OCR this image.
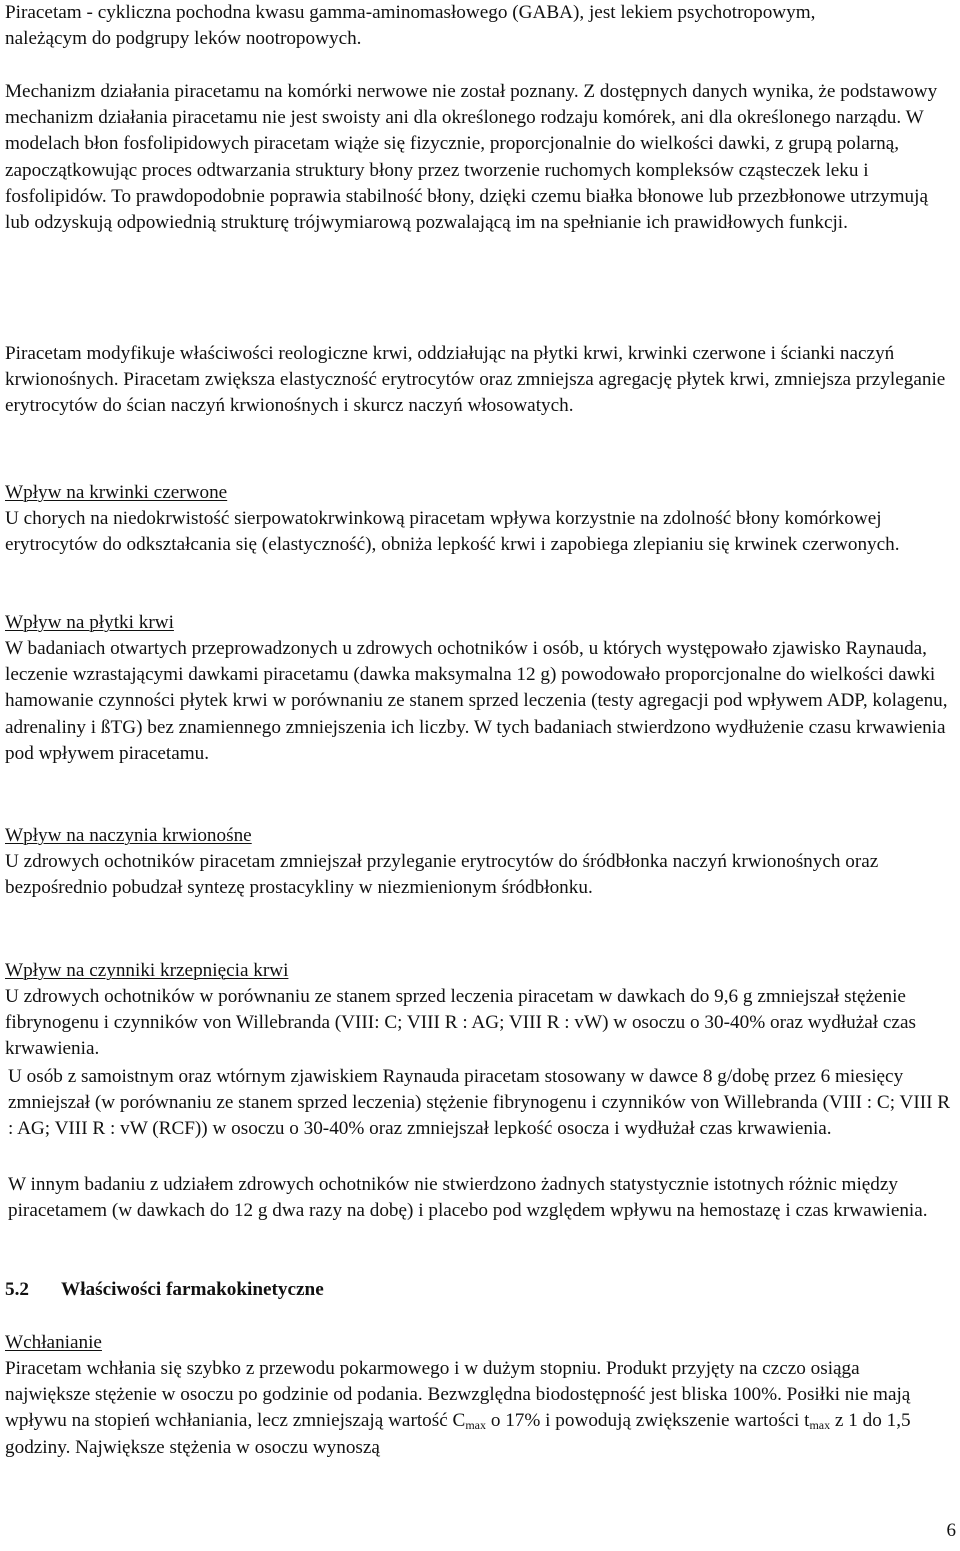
Piracetam - cykliczna pochodna kwasu gamma-aminomasłowego (GABA), jest lekiem psychotropowym, należącym do podgrupy leków nootropowych.

Mechanizm działania piracetamu na komórki nerwowe nie został poznany. Z dostępnych danych wynika, że podstawowy mechanizm działania piracetamu nie jest swoisty ani dla określonego rodzaju komórek, ani dla określonego narządu. W modelach błon fosfolipidowych piracetam wiąże się fizycznie, proporcjonalnie do wielkości dawki, z grupą polarną, zapoczątkowując proces odtwarzania struktury błony przez tworzenie ruchomych kompleksów cząsteczek leku i fosfolipidów. To prawdopodobnie poprawia stabilność błony, dzięki czemu białka błonowe lub przezbłonowe utrzymują lub odzyskują odpowiednią strukturę trójwymiarową pozwalającą im na spełnianie ich prawidłowych funkcji.

Piracetam modyfikuje właściwości reologiczne krwi, oddziałując na płytki krwi, krwinki czerwone i ścianki naczyń krwionośnych. Piracetam zwiększa elastyczność erytrocytów oraz zmniejsza agregację płytek krwi, zmniejsza przyleganie erytrocytów do ścian naczyń krwionośnych i skurcz naczyń włosowatych.

Wpływ na krwinki czerwone

U chorych na niedokrwistość sierpowatokrwinkową piracetam wpływa korzystnie na zdolność błony komórkowej erytrocytów do odkształcania się (elastyczność), obniża lepkość krwi i zapobiega zlepianiu się krwinek czerwonych.

Wpływ na płytki krwi

W badaniach otwartych przeprowadzonych u zdrowych ochotników i osób, u których występowało zjawisko Raynauda, leczenie wzrastającymi dawkami piracetamu (dawka maksymalna 12 g) powodowało proporcjonalne do wielkości dawki hamowanie czynności płytek krwi w porównaniu ze stanem sprzed leczenia (testy agregacji pod wpływem ADP, kolagenu, adrenaliny i ßTG) bez znamiennego zmniejszenia ich liczby. W tych badaniach stwierdzono wydłużenie czasu krwawienia pod wpływem piracetamu.

Wpływ na naczynia krwionośne

U zdrowych ochotników piracetam zmniejszał przyleganie erytrocytów do śródbłonka naczyń krwionośnych oraz bezpośrednio pobudzał syntezę prostacykliny w niezmienionym śródbłonku.

Wpływ na czynniki krzepnięcia krwi

U zdrowych ochotników w porównaniu ze stanem sprzed leczenia piracetam w dawkach do 9,6 g zmniejszał stężenie fibrynogenu i czynników von Willebranda (VIII: C; VIII R : AG; VIII R : vW) w osoczu o 30-40% oraz wydłużał czas krwawienia.

U osób z samoistnym oraz wtórnym zjawiskiem Raynauda piracetam stosowany w dawce 8 g/dobę przez 6 miesięcy zmniejszał (w porównaniu ze stanem sprzed leczenia) stężenie fibrynogenu i czynników von Willebranda (VIII : C; VIII R : AG; VIII R : vW (RCF)) w osoczu o 30-40% oraz zmniejszał lepkość osocza i wydłużał czas krwawienia.

W innym badaniu z udziałem zdrowych ochotników nie stwierdzono żadnych statystycznie istotnych różnic między piracetamem (w dawkach do 12 g dwa razy na dobę) i placebo pod względem wpływu na hemostazę i czas krwawienia.

5.2 Właściwości farmakokinetyczne

Wchłanianie

Piracetam wchłania się szybko z przewodu pokarmowego i w dużym stopniu. Produkt przyjęty na czczo osiąga największe stężenie w osoczu po godzinie od podania. Bezwzględna biodostępność jest bliska 100%. Posiłki nie mają wpływu na stopień wchłaniania, lecz zmniejszają wartość $C_{max}$ o 17% i powodują zwiększenie wartości $t_{max}$ z 1 do 1,5 godziny. Największe stężenia w osoczu wynoszą

6
